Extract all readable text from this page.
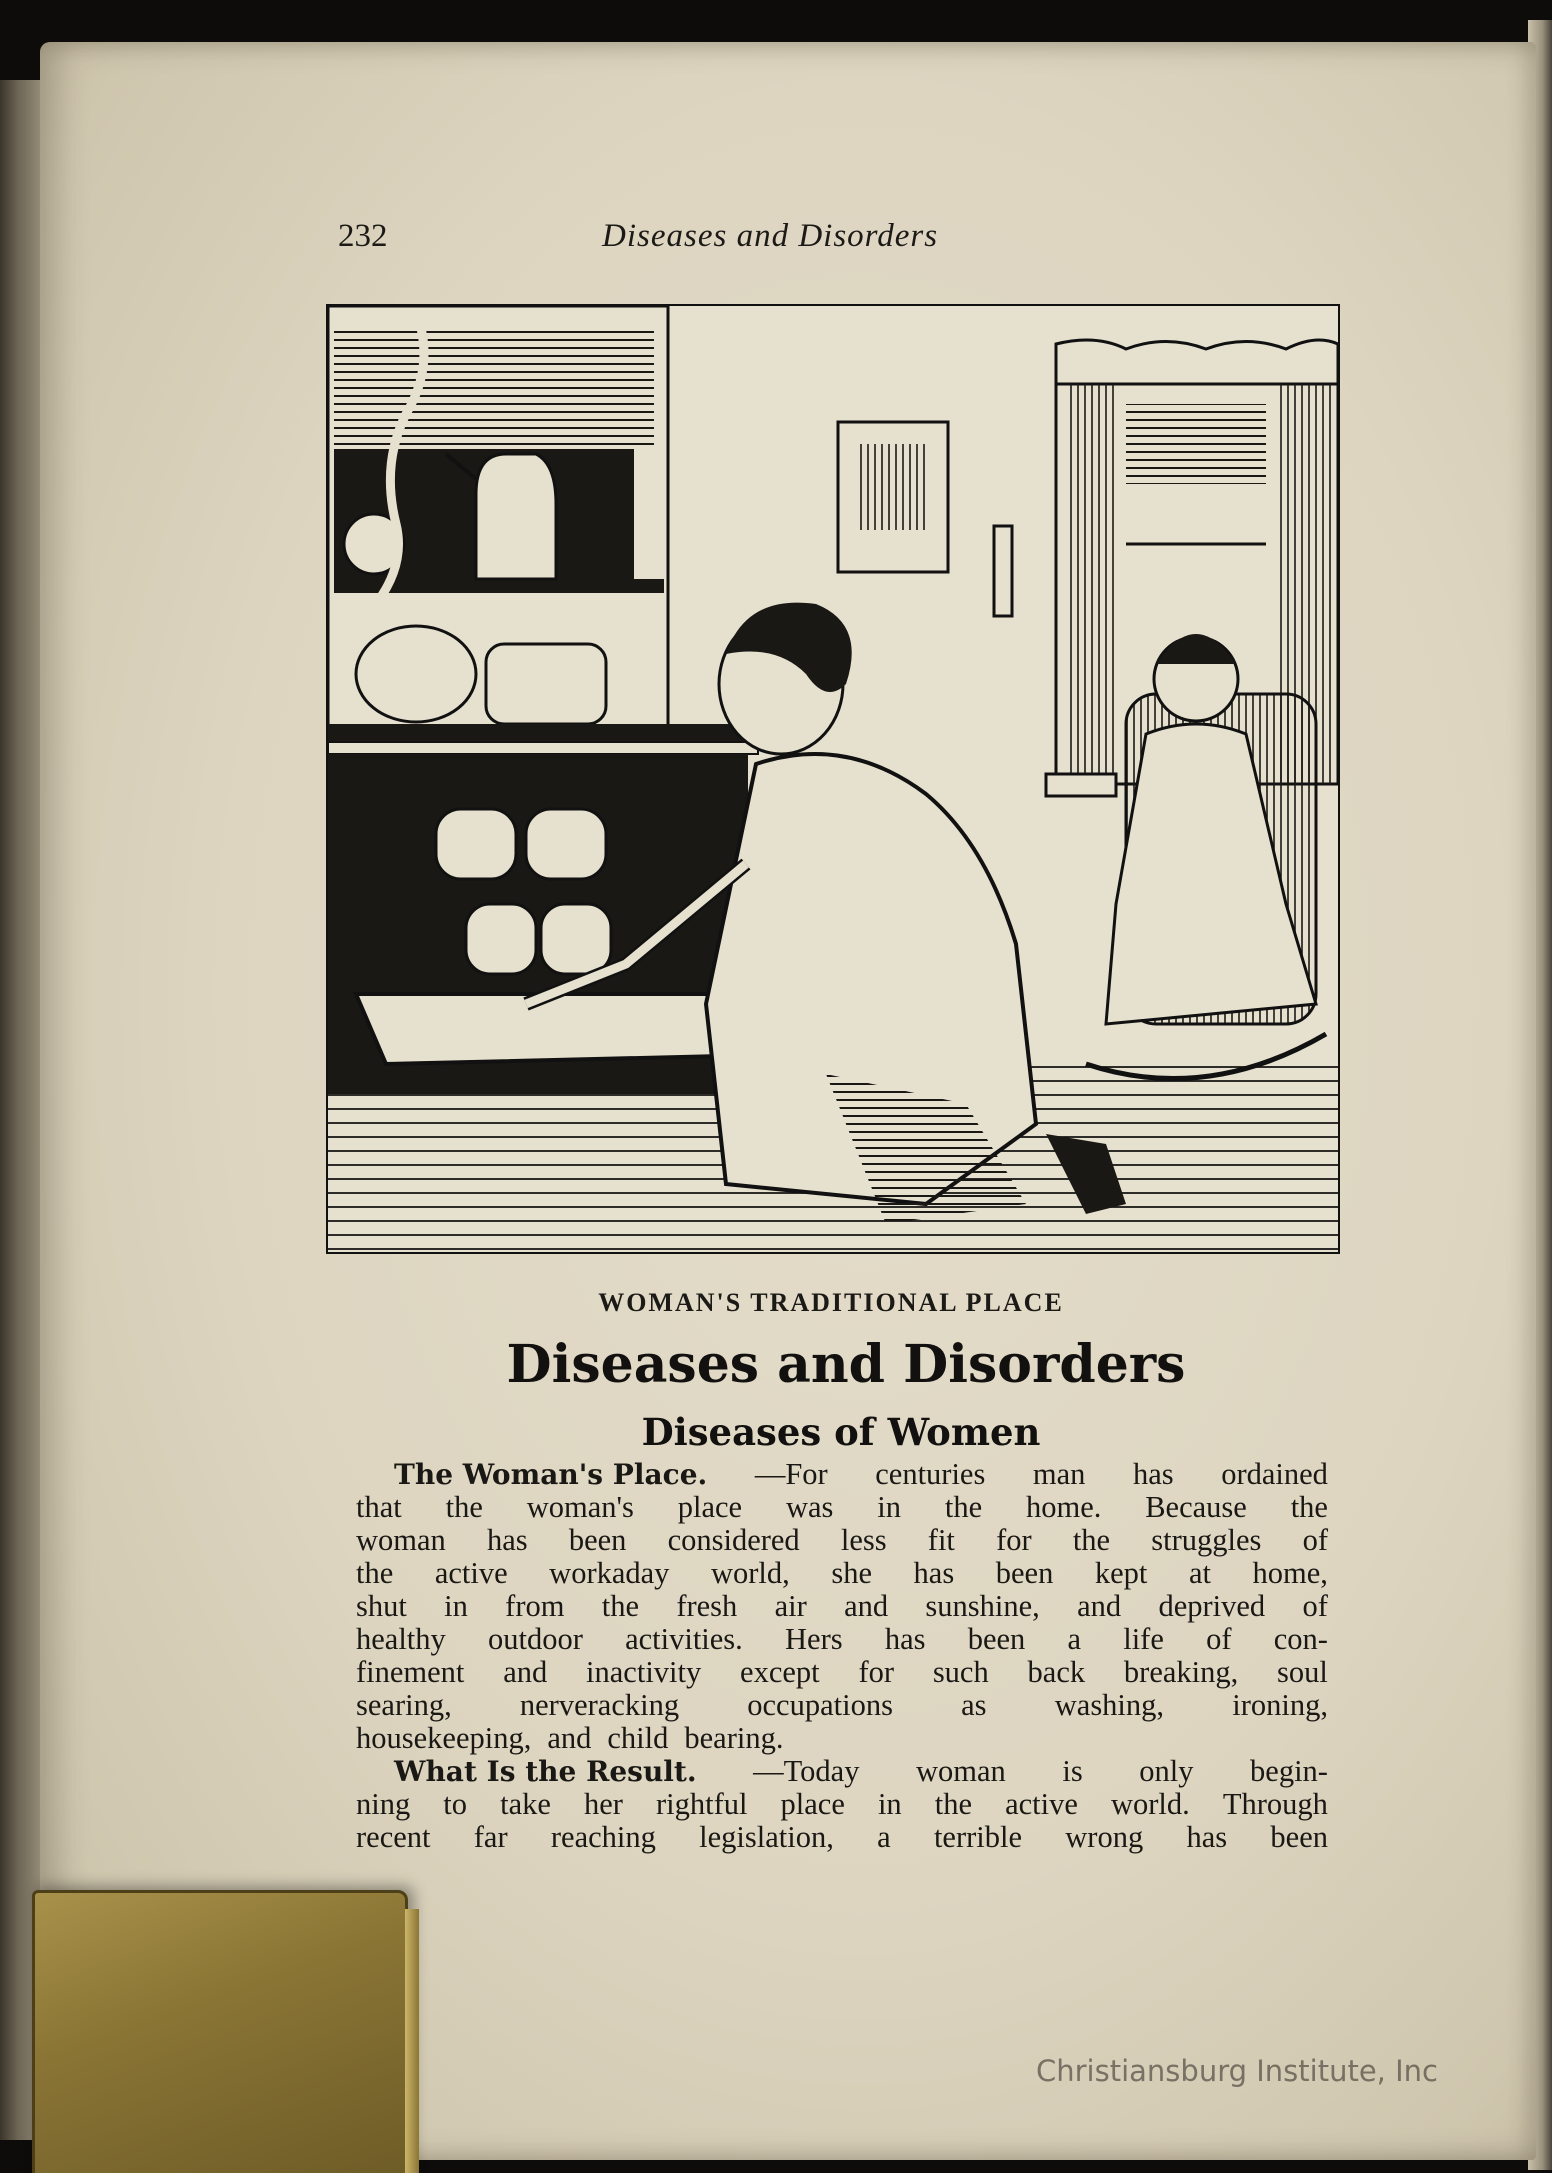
232	Diseases and Disorders
WOMAN'S TRADITIONAL PLACE
Diseases and Disorders
Diseases of Women
The Woman's Place. —For centuries man has ordained
that the woman's place was in the home. Because the
woman has been considered less fit for the struggles of
the active workaday world, she has been kept at home,
shut in from the fresh air and sunshine, and deprived of
healthy outdoor activities. Hers has been a life of con-
finement and inactivity except for such back breaking, soul
searing, nerveracking occupations as washing, ironing,
housekeeping, and child bearing.
What Is the Result. —Today woman is only begin-
ning to take her rightful place in the active world. Through
recent far reaching legislation, a terrible wrong has been
Christiansburg Institute, Inc
